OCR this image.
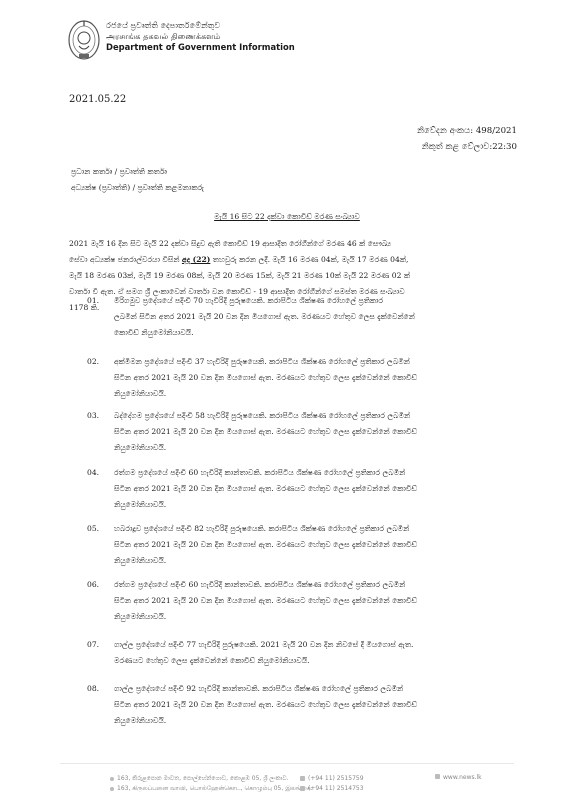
රජයේ ප්‍රවෘත්ති දෙපාර්තමේන්තුව
அரசாங்க தகவல் திணைக்களம்
Department of Government Information
2021.05.22
නිවේදන අංකය: 498/2021
නිකුත් කළ වේලාව:22:30
ප්‍රධාන කර්තෘ / ප්‍රවෘත්ති කර්තෘ
අධ්‍යක්ෂ (ප්‍රවෘත්ති) / ප්‍රවෘත්ති කළමනාකරු
මැයි 16 සිට 22 දක්වා කොවිඩ් මරණ සංඛ්‍යාව
2021 මැයි 16 දින සිට මැයි 22 දක්වා සිදුව ඇති කොවිඩ් 19 ආසාදිත රෝගීන්ගේ මරණ 46 ක් සෞඛ්‍ය
සේවා අධ්‍යක්ෂ ජනරාල්වරයා විසින් අද (22) තහවුරු කරන ලදී. මැයි 16 මරණ 04ක්, මැයි 17 මරණ 04ක්,
මැයි 18 මරණ 03ක්, මැයි 19 මරණ 08ක්, මැයි 20 මරණ 15ක්, මැයි 21 මරණ 10ක් මැයි 22 මරණ 02 ක්
වාර්තා වී ඇත. ඒ සමග ශ්‍රී ලංකාවෙන් වාර්තා වන කොවිඩ් - 19 ආසාදිත රෝගීන්ගේ සමස්ත මරණ සංඛ්‍යාව
1178 කි.
01. මීරිගමුව ප්‍රදේශයේ පදිංචි 70 හැවිරිදි පුරුෂයෙකි. කරාපිටිය ශික්ෂණ රෝහලේ ප්‍රතිකාර
ලබමින් සිටින අතර 2021 මැයි 20 වන දින මියගොස් ඇත. මරණයට හේතුව ලෙස දැක්වෙන්නේ
කොවිඩ් නියුමෝනියාවයි.
02. අක්මීමන ප්‍රදේශයේ පදිංචි 37 හැවිරිදි පුරුෂයෙකි. කරාපිටිය ශික්ෂණ රෝහලේ ප්‍රතිකාර ලබමින්
සිටින අතර 2021 මැයි 20 වන දින මියගොස් ඇත. මරණයට හේතුව ලෙස දැක්වෙන්නේ කොවිඩ්
නියුමෝනියාවයි.
03. බද්දේගම ප්‍රදේශයේ පදිංචි 58 හැවිරිදි පුරුෂයෙකි. කරාපිටිය ශික්ෂණ රෝහලේ ප්‍රතිකාර ලබමින්
සිටින අතර 2021 මැයි 20 වන දින මියගොස් ඇත. මරණයට හේතුව ලෙස දැක්වෙන්නේ කොවිඩ්
නියුමෝනියාවයි.
04. රත්ගම ප්‍රදේශයේ පදිංචි 60 හැවිරිදි කාන්තාවකි. කරාපිටිය ශික්ෂණ රෝහලේ ප්‍රතිකාර ලබමින්
සිටින අතර 2021 මැයි 20 වන දින මියගොස් ඇත. මරණයට හේතුව ලෙස දැක්වෙන්නේ කොවිඩ්
නියුමෝනියාවයි.
05. හබරාදූව ප්‍රදේශයේ පදිංචි 82 හැවිරිදි පුරුෂයෙකි. කරාපිටිය ශික්ෂණ රෝහලේ ප්‍රතිකාර ලබමින්
සිටින අතර 2021 මැයි 20 වන දින මියගොස් ඇත. මරණයට හේතුව ලෙස දැක්වෙන්නේ කොවිඩ්
නියුමෝනියාවයි.
06. රත්ගම ප්‍රදේශයේ පදිංචි 60 හැවිරිදි කාන්තාවකි. කරාපිටිය ශික්ෂණ රෝහලේ ප්‍රතිකාර ලබමින්
සිටින අතර 2021 මැයි 20 වන දින මියගොස් ඇත. මරණයට හේතුව ලෙස දැක්වෙන්නේ කොවිඩ්
නියුමෝනියාවයි.
07. ගාල්ල ප්‍රදේශයේ පදිංචි 77 හැවිරිදි පුරුෂයෙකි. 2021 මැයි 20 වන දින නිවසේ දී මියගොස් ඇත.
මරණයට හේතුව ලෙස දැක්වෙන්නේ කොවිඩ් නියුමෝනියාවයි.
08. ගාල්ල ප්‍රදේශයේ පදිංචි 92 හැවිරිදි කාන්තාවකි. කරාපිටිය ශික්ෂණ රෝහලේ ප්‍රතිකාර ලබමින්
සිටින අතර 2021 මැයි 20 වන දින මියගොස් ඇත. මරණයට හේතුව ලෙස දැක්වෙන්නේ කොවිඩ්
නියුමෝනියාවයි.
163, කිරුළපොන මාවත, පොල්හේන්ගොඩ, කොළඹ 05, ශ්‍රී ලංකාව.
163, கிருலப்பனை வாவி, பொல்ஹேன்கொட, கொழும்பு 05, இலங்கை.
(+94 11) 2515759
(+94 11) 2514753
www.news.lk
